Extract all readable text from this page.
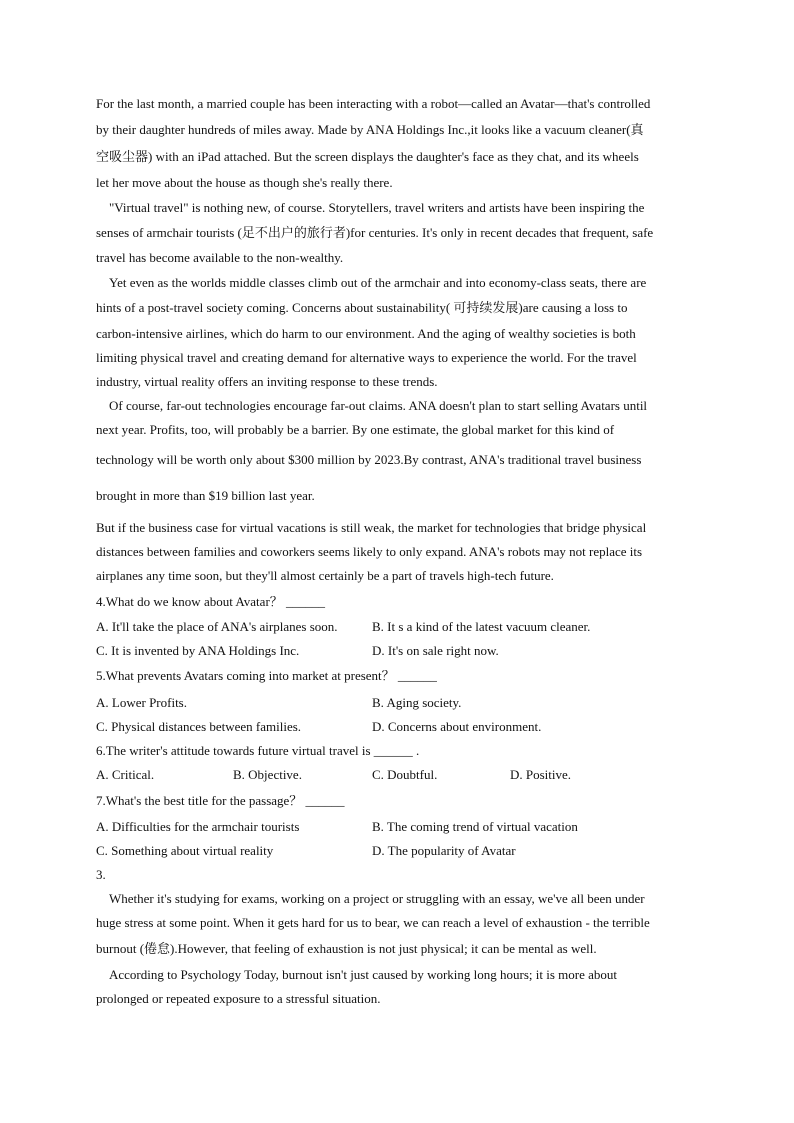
For the last month, a married couple has been interacting with a robot—called an Avatar—that's controlled
by their daughter hundreds of miles away. Made by ANA Holdings Inc.,it looks like a vacuum cleaner(真
空吸尘器) with an iPad attached. But the screen displays the daughter's face as they chat, and its wheels
let her move about the house as though she's really there.
"Virtual travel" is nothing new, of course. Storytellers, travel writers and artists have been inspiring the
senses of armchair tourists (足不出户的旅行者)for centuries. It's only in recent decades that frequent, safe
travel has become available to the non-wealthy.
Yet even as the worlds middle classes climb out of the armchair and into economy-class seats, there are
hints of a post-travel society coming. Concerns about sustainability( 可持续发展)are causing a loss to
carbon-intensive airlines, which do harm to our environment. And the aging of wealthy societies is both
limiting physical travel and creating demand for alternative ways to experience the world. For the travel
industry, virtual reality offers an inviting response to these trends.
Of course, far-out technologies encourage far-out claims. ANA doesn't plan to start selling Avatars until
next year. Profits, too, will probably be a barrier. By one estimate, the global market for this kind of
technology will be worth only about $300 million by 2023.By contrast, ANA's traditional travel business
brought in more than $19 billion last year.
But if the business case for virtual vacations is still weak, the market for technologies that bridge physical
distances between families and coworkers seems likely to only expand. ANA's robots may not replace its
airplanes any time soon, but they'll almost certainly be a part of travels high-tech future.
4.What do we know about Avatar？ ______
A. It'll take the place of ANA's airplanes soon.	B. It s a kind of the latest vacuum cleaner.
C. It is invented by ANA Holdings Inc.	D. It's on sale right now.
5.What prevents Avatars coming into market at present？ ______
A. Lower Profits.	B. Aging society.
C. Physical distances between families.	D. Concerns about environment.
6.The writer's attitude towards future virtual travel is ______ .
A. Critical.	B. Objective.	C. Doubtful.	D. Positive.
7.What's the best title for the passage？ ______
A. Difficulties for the armchair tourists	B. The coming trend of virtual vacation
C. Something about virtual reality	D. The popularity of Avatar
3.
Whether it's studying for exams, working on a project or struggling with an essay, we've all been under
huge stress at some point. When it gets hard for us to bear, we can reach a level of exhaustion - the terrible
burnout (倦怠).However, that feeling of exhaustion is not just physical; it can be mental as well.
According to Psychology Today, burnout isn't just caused by working long hours; it is more about
prolonged or repeated exposure to a stressful situation.
